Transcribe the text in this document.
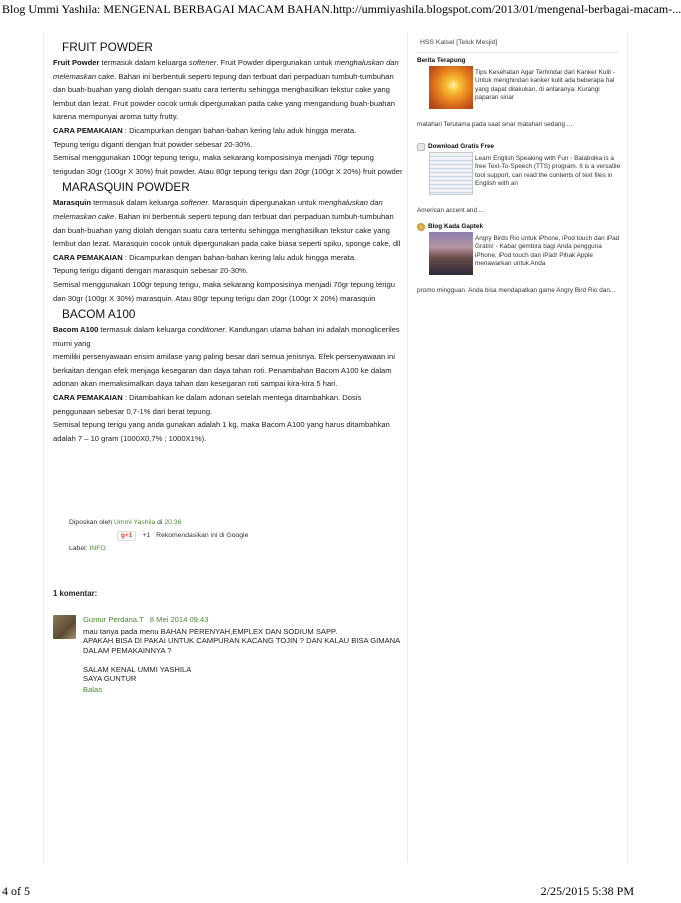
Blog Ummi Yashila: MENGENAL BERBAGAI MACAM BAHAN...
http://ummiyashila.blogspot.com/2013/01/mengenal-berbagai-macam-...
FRUIT POWDER

Fruit Powder termasuk dalam keluarga softener. Fruit Powder dipergunakan untuk menghaluskan dan melemaskan cake. Bahan ini berbentuk seperti tepung dan terbuat dari perpaduan tumbuh-tumbuhan dan buah-buahan yang diolah dengan suatu cara tertentu sehingga menghasilkan tekstur cake yang lembut dan lezat. Fruit powder cocok untuk dipergunakan pada cake yang mengandung buah-buahan karena mempunyai aroma tutty frutty.

CARA PEMAKAIAN : Dicampurkan dengan bahan-bahan kering lalu aduk hingga merata.

Tepung terigu diganti dengan fruit powder sebesar 20-30%.

Semisal menggunakan 100gr tepung terigu, maka sekarang komposisinya menjadi 70gr tepung terigudan 30gr (100gr X 30%) fruit powder. Atau 80gr tepung terigu dan 20gr (100gr X 20%) fruit powder

MARASQUIN POWDER

Marasquin termasuk dalam keluarga softener. Marasquin dipergunakan untuk menghaluskan dan melemaskan cake. Bahan ini berbentuk seperti tepung dan terbuat dari perpaduan tumbuh-tumbuhan dan buah-buahan yang diolah dengan suatu cara tertentu sehingga menghasilkan tekstur cake yang lembut dan lezat. Marasquin cocok untuk dipergunakan pada cake biasa seperti spiku, sponge cake, dll

CARA PEMAKAIAN : Dicampurkan dengan bahan-bahan kering lalu aduk hingga merata.

Tepung terigu diganti dengan marasquin sebesar 20-30%.

Semisal menggunakan 100gr tepung terigu, maka sekarang komposisinya menjadi 70gr tepung terigu dan 30gr (100gr X 30%) marasquin. Atau 80gr tepung terigu dan 20gr (100gr X 20%) marasquin

BACOM A100

Bacom A100 termasuk dalam keluarga conditioner. Kandungan utama bahan ini adalah monogliceriles murni yang

memiliki persenyawaan ensim amilase yang paling besar dari semua jenisnya. Efek persenyawaan ini berkaitan dengan efek menjaga kesegaran dan daya tahan roti. Penambahan Bacom A100 ke dalam adonan akan memaksimalkan daya tahan dan kesegaran roti sampai kira-kira 5 hari.

CARA PEMAKAIAN : Ditambahkan ke dalam adonan setelah mentega ditambahkan. Dosis penggunaan sebesar 0,7-1% dari berat tepung.

Semisal tepung terigu yang anda gunakan adalah 1 kg, maka Bacom A100 yang harus ditambahkan adalah 7 – 10 gram (1000X0,7% ; 1000X1%).

Diposkan oleh Ummi Yashila di 20.36
g +1 +1 Rekomendasikan ini di Google
Label: INFO
1 komentar:
Guntur Perdana.T 8 Mei 2014 09.43
mau tanya pada menu BAHAN PERENYAH,EMPLEX DAN SODIUM SAPP.
APAKAH BISA DI PAKAI UNTUK CAMPURAN KACANG TOJIN ? DAN KALAU BISA GIMANA DALAM PEMAKAINNYA ?
SALAM KENAL UMMI YASHILA
SAYA GUNTUR
Balas
HSS Kalsel [Teluk Mesjid]
Berita Terapung
Tips Kesehatan Agar Terhindar dari Kanker Kulit - Untuk menghindari kanker kulit ada beberapa hal yang dapat dilakukan, di antaranya: Kurangi paparan sinar
matahari Terutama pada saat sinar matahari sedang ...
Download Gratis Free
Learn English Speaking with Fun - Balabolka is a free Text-To-Speech (TTS) program. It is a versatile tool support, can read the contents of text files in English with an
American accent and ...
Blog Kada Gaptek
Angry Birds Rio untuk iPhone, iPod touch dan iPad Gratis! - Kabar gembira bagi Anda pengguna iPhone, iPod touch dan iPad! Pihak Apple menawarkan untuk Anda
promo mingguan. Anda bisa mendapatkan game Angry Bird Rio dan...
4 of 5	2/25/2015 5:38 PM
